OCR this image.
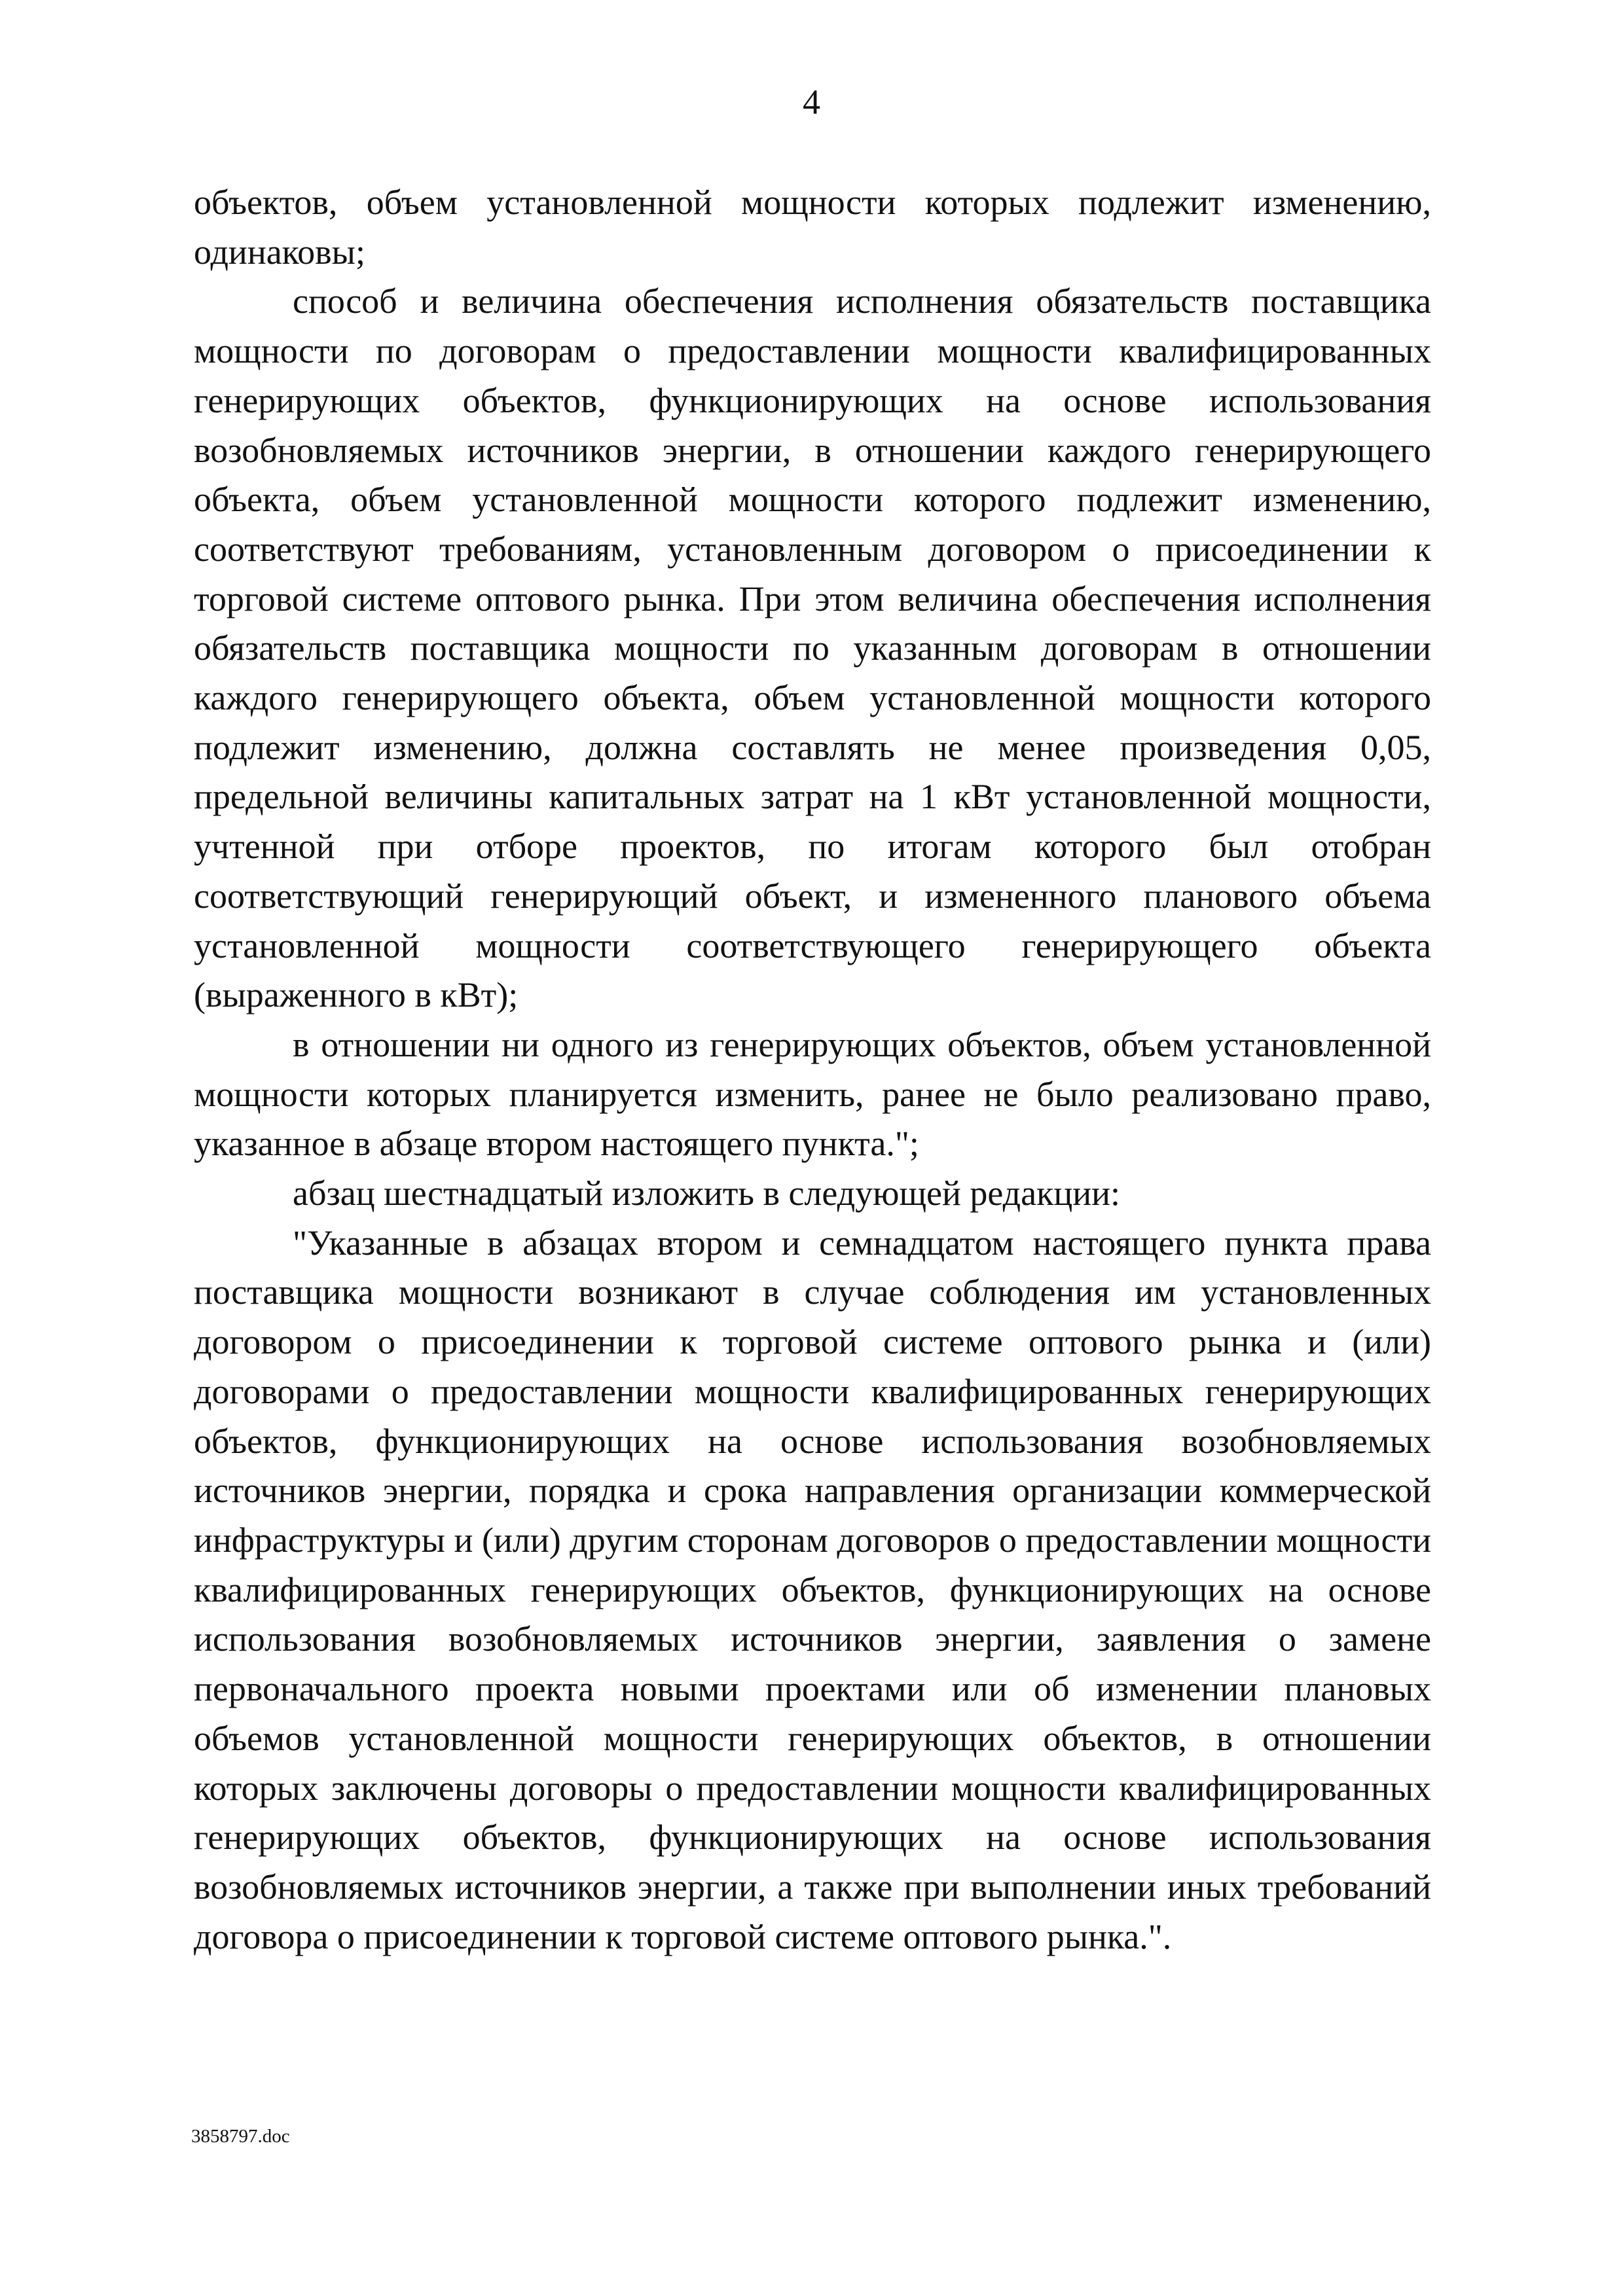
4

объектов, объем установленной мощности которых подлежит изменению, одинаковы;

способ и величина обеспечения исполнения обязательств поставщика мощности по договорам о предоставлении мощности квалифицированных генерирующих объектов, функционирующих на основе использования возобновляемых источников энергии, в отношении каждого генерирующего объекта, объем установленной мощности которого подлежит изменению, соответствуют требованиям, установленным договором о присоединении к торговой системе оптового рынка. При этом величина обеспечения исполнения обязательств поставщика мощности по указанным договорам в отношении каждого генерирующего объекта, объем установленной мощности которого подлежит изменению, должна составлять не менее произведения 0,05, предельной величины капитальных затрат на 1 кВт установленной мощности, учтенной при отборе проектов, по итогам которого был отобран соответствующий генерирующий объект, и измененного планового объема установленной мощности соответствующего генерирующего объекта (выраженного в кВт);

в отношении ни одного из генерирующих объектов, объем установленной мощности которых планируется изменить, ранее не было реализовано право, указанное в абзаце втором настоящего пункта.";

абзац шестнадцатый изложить в следующей редакции:

"Указанные в абзацах втором и семнадцатом настоящего пункта права поставщика мощности возникают в случае соблюдения им установленных договором о присоединении к торговой системе оптового рынка и (или) договорами о предоставлении мощности квалифицированных генерирующих объектов, функционирующих на основе использования возобновляемых источников энергии, порядка и срока направления организации коммерческой инфраструктуры и (или) другим сторонам договоров о предоставлении мощности квалифицированных генерирующих объектов, функционирующих на основе использования возобновляемых источников энергии, заявления о замене первоначального проекта новыми проектами или об изменении плановых объемов установленной мощности генерирующих объектов, в отношении которых заключены договоры о предоставлении мощности квалифицированных генерирующих объектов, функционирующих на основе использования возобновляемых источников энергии, а также при выполнении иных требований договора о присоединении к торговой системе оптового рынка.".

3858797.doc
